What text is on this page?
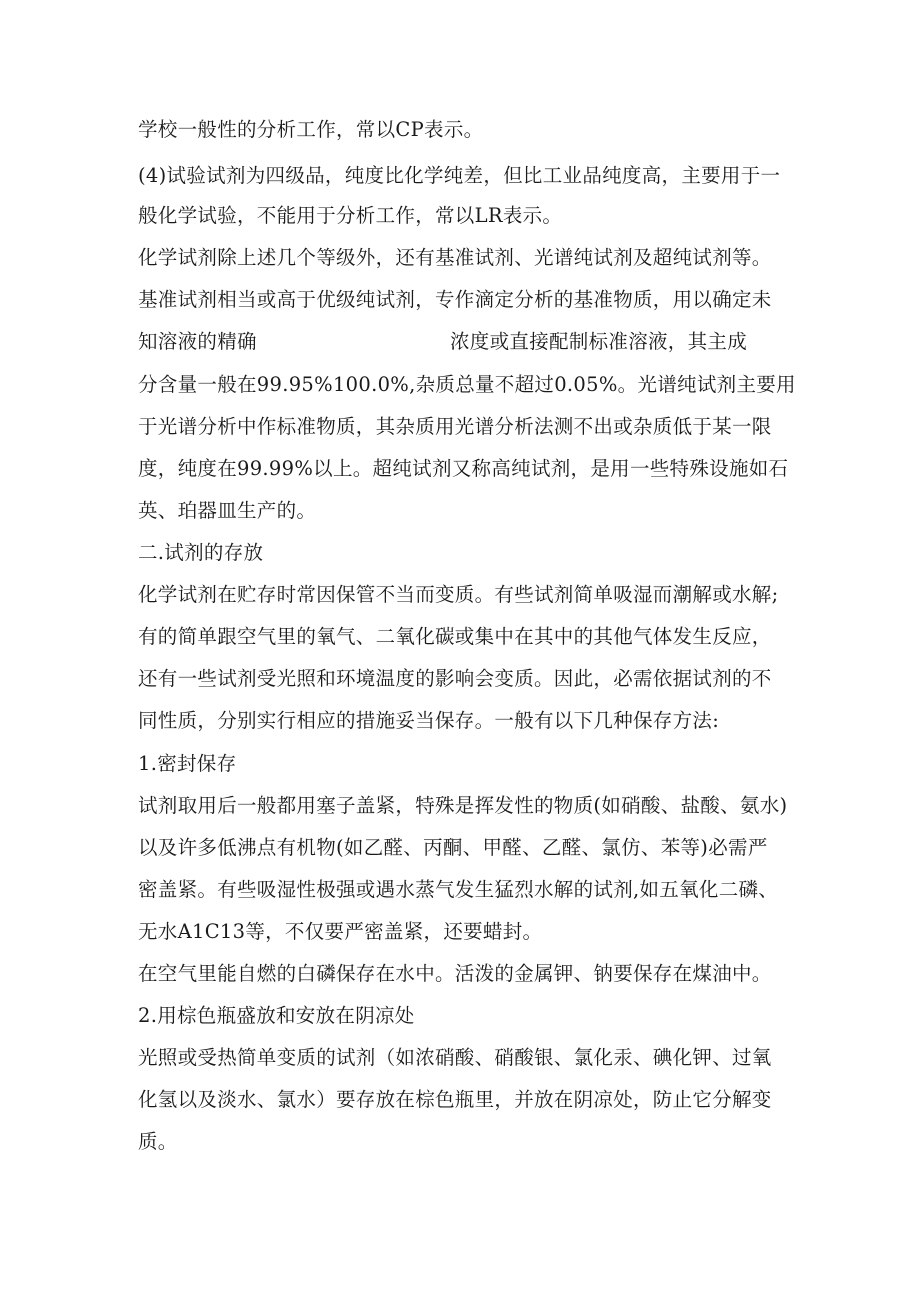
学校一般性的分析工作，常以CP表示。

(4)试验试剂为四级品，纯度比化学纯差，但比工业品纯度高，主要用于一

般化学试验，不能用于分析工作，常以LR表示。

化学试剂除上述几个等级外，还有基准试剂、光谱纯试剂及超纯试剂等。

基准试剂相当或高于优级纯试剂，专作滴定分析的基准物质，用以确定未

知溶液的精确	浓度或直接配制标准溶液，其主成

分含量一般在99.95%100.0%,杂质总量不超过0.05%。光谱纯试剂主要用

于光谱分析中作标准物质，其杂质用光谱分析法测不出或杂质低于某一限

度，纯度在99.99%以上。超纯试剂又称高纯试剂，是用一些特殊设施如石

英、珀器皿生产的。

二.试剂的存放

化学试剂在贮存时常因保管不当而变质。有些试剂简单吸湿而潮解或水解;

有的简单跟空气里的氧气、二氧化碳或集中在其中的其他气体发生反应，

还有一些试剂受光照和环境温度的影响会变质。因此，必需依据试剂的不

同性质，分别实行相应的措施妥当保存。一般有以下几种保存方法:

1.密封保存

试剂取用后一般都用塞子盖紧，特殊是挥发性的物质(如硝酸、盐酸、氨水)

以及许多低沸点有机物(如乙醛、丙酮、甲醛、乙醛、氯仿、苯等)必需严

密盖紧。有些吸湿性极强或遇水蒸气发生猛烈水解的试剂,如五氧化二磷、

无水A1C13等，不仅要严密盖紧，还要蜡封。

在空气里能自燃的白磷保存在水中。活泼的金属钾、钠要保存在煤油中。

2.用棕色瓶盛放和安放在阴凉处

光照或受热简单变质的试剂（如浓硝酸、硝酸银、氯化汞、碘化钾、过氧

化氢以及淡水、氯水）要存放在棕色瓶里，并放在阴凉处，防止它分解变

质。
